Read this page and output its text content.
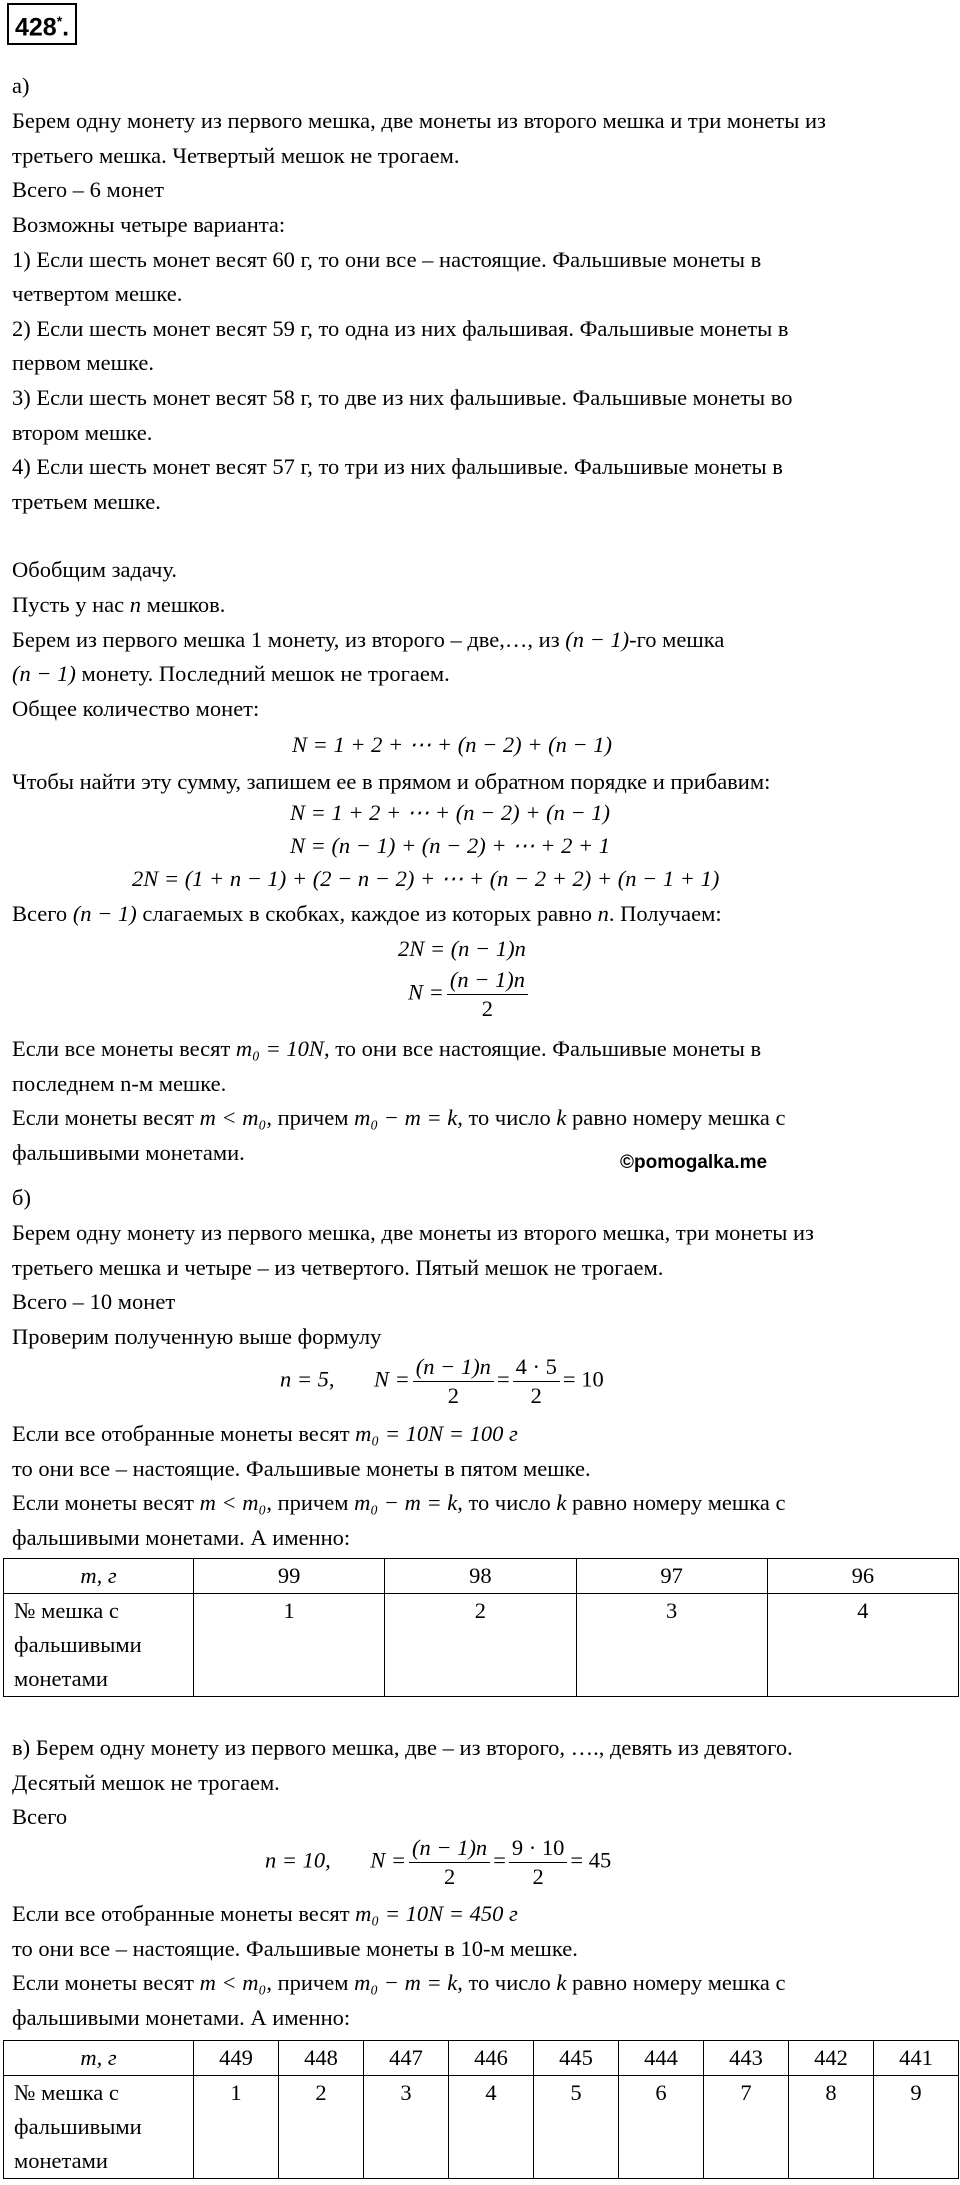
428*.
а)
Берем одну монету из первого мешка, две монеты из второго мешка и три монеты из
третьего мешка. Четвертый мешок не трогаем.
Всего – 6 монет
Возможны четыре варианта:
1) Если шесть монет весят 60 г, то они все – настоящие. Фальшивые монеты в
четвертом мешке.
2) Если шесть монет весят 59 г, то одна из них фальшивая. Фальшивые монеты в
первом мешке.
3) Если шесть монет весят 58 г, то две из них фальшивые. Фальшивые монеты во
втором мешке.
4) Если шесть монет весят 57 г, то три из них фальшивые. Фальшивые монеты в
третьем мешке.
Обобщим задачу.
Пусть у нас n мешков.
Берем из первого мешка 1 монету, из второго – две,…, из (n − 1)-го мешка
(n − 1) монету. Последний мешок не трогаем.
Общее количество монет:
N = 1 + 2 + ⋯ + (n − 2) + (n − 1)
Чтобы найти эту сумму, запишем ее в прямом и обратном порядке и прибавим:
N = 1 + 2 + ⋯ + (n − 2) + (n − 1)
N = (n − 1) + (n − 2) + ⋯ + 2 + 1
2N = (1 + n − 1) + (2 − n − 2) + ⋯ + (n − 2 + 2) + (n − 1 + 1)
Всего (n − 1) слагаемых в скобках, каждое из которых равно n. Получаем:
2N = (n − 1)n
$N = \frac{(n - 1)n}{2}$
Если все монеты весят m₀ = 10N, то они все настоящие. Фальшивые монеты в
последнем n-м мешке.
Если монеты весят m < m₀, причем m₀ − m = k, то число k равно номеру мешка с
фальшивыми монетами.	©pomogalka.me
б)
Берем одну монету из первого мешка, две монеты из второго мешка, три монеты из
третьего мешка и четыре – из четвертого. Пятый мешок не трогаем.
Всего – 10 монет
Проверим полученную выше формулу
n = 5, $N = \frac{(n - 1)n}{2} = \frac{4 \cdot 5}{2} = 10$
Если все отобранные монеты весят m₀ = 10N = 100 г
то они все – настоящие. Фальшивые монеты в пятом мешке.
Если монеты весят m < m₀, причем m₀ − m = k, то число k равно номеру мешка с
фальшивыми монетами. А именно:
m, г	99	98	97	96
№ мешка с
фальшивыми
монетами	1	2	3	4
в) Берем одну монету из первого мешка, две – из второго, …., девять из девятого.
Десятый мешок не трогаем.
Всего
n = 10, $N = \frac{(n - 1)n}{2} = \frac{9 \cdot 10}{2} = 45$
Если все отобранные монеты весят m₀ = 10N = 450 г
то они все – настоящие. Фальшивые монеты в 10-м мешке.
Если монеты весят m < m₀, причем m₀ − m = k, то число k равно номеру мешка с
фальшивыми монетами. А именно:
m, г	449	448	447	446	445	444	443	442	441
№ мешка с
фальшивыми
монетами	1	2	3	4	5	6	7	8	9
